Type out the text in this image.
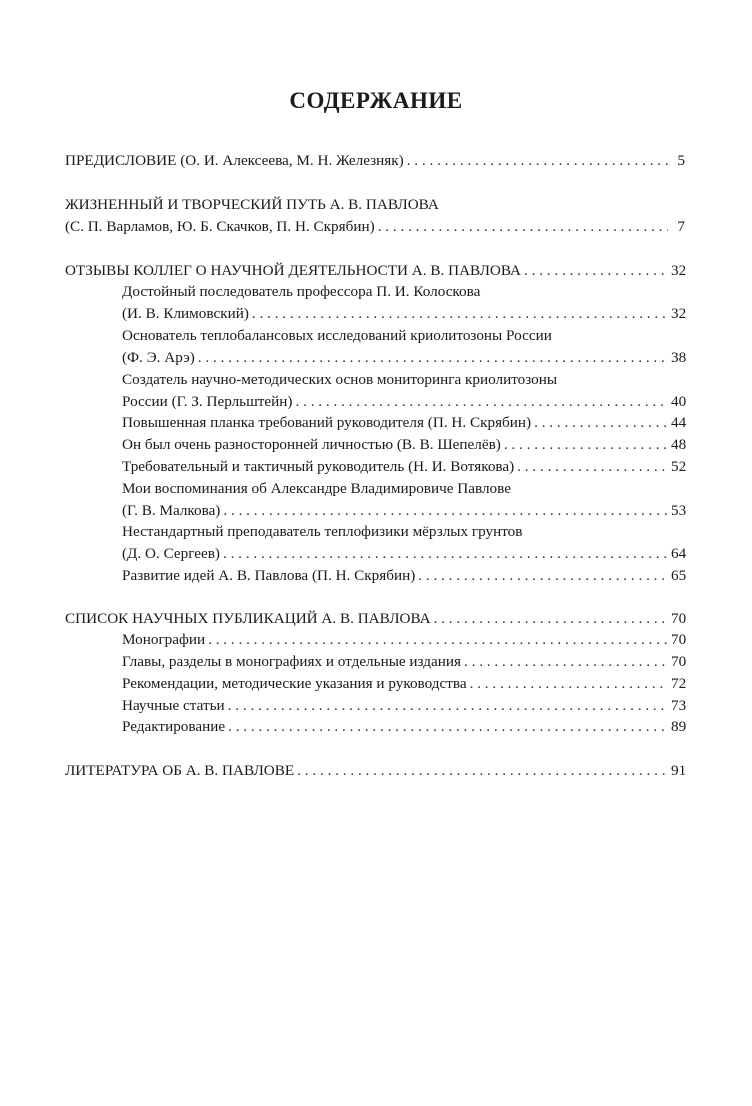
СОДЕРЖАНИЕ
ПРЕДИСЛОВИЕ (О. И. Алексеева, М. Н. Железняк) . . .	5
ЖИЗНЕННЫЙ И ТВОРЧЕСКИЙ ПУТЬ А. В. ПАВЛОВА
(С. П. Варламов, Ю. Б. Скачков, П. Н. Скрябин) . . .	7
ОТЗЫВЫ КОЛЛЕГ О НАУЧНОЙ ДЕЯТЕЛЬНОСТИ А. В. ПАВЛОВА . . .	32
Достойный последователь профессора П. И. Колоскова
(И. В. Климовский) . . .	32
Основатель теплобалансовых исследований криолитозоны России
(Ф. Э. Арэ) . . .	38
Создатель научно-методических основ мониторинга криолитозоны
России (Г. З. Перльштейн) . . .	40
Повышенная планка требований руководителя (П. Н. Скрябин) . . .	44
Он был очень разносторонней личностью (В. В. Шепелёв) . . .	48
Требовательный и тактичный руководитель (Н. И. Вотякова) . . .	52
Мои воспоминания об Александре Владимировиче Павлове
(Г. В. Малкова) . . .	53
Нестандартный преподаватель теплофизики мёрзлых грунтов
(Д. О. Сергеев) . . .	64
Развитие идей А. В. Павлова (П. Н. Скрябин) . . .	65
СПИСОК НАУЧНЫХ ПУБЛИКАЦИЙ А. В. ПАВЛОВА . . .	70
Монографии . . .	70
Главы, разделы в монографиях и отдельные издания . . .	70
Рекомендации, методические указания и руководства . . .	72
Научные статьи . . .	73
Редактирование . . .	89
ЛИТЕРАТУРА ОБ А. В. ПАВЛОВЕ . . .	91
